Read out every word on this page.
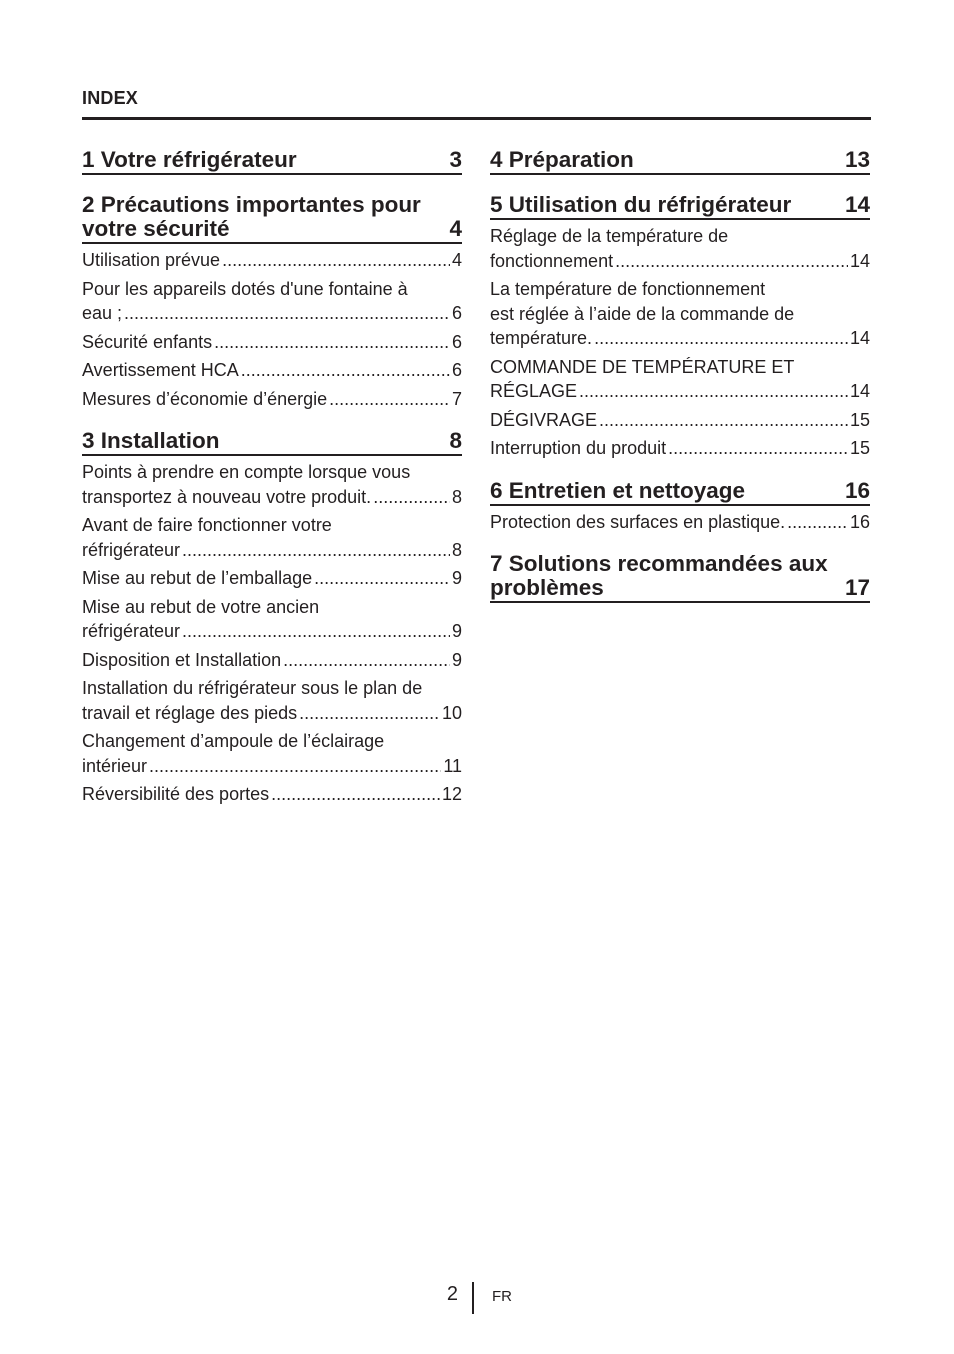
INDEX
1 Votre réfrigérateur	3
2 Précautions importantes pour votre sécurité	4
Utilisation prévue .....	4
Pour les appareils dotés d'une fontaine à
eau ; .....	6
Sécurité enfants .....	6
Avertissement HCA .....	6
Mesures d’économie d’énergie .....	7
3 Installation	8
Points à prendre en compte lorsque vous
transportez à nouveau votre produit. .....	8
Avant de faire fonctionner votre
réfrigérateur .....	8
Mise au rebut de l’emballage .....	9
Mise au rebut de votre ancien
réfrigérateur .....	9
Disposition et Installation .....	9
Installation du réfrigérateur sous le plan de
travail et réglage des pieds .....	10
Changement d’ampoule de l’éclairage
intérieur .....	11
Réversibilité des portes .....	12
4 Préparation	13
5 Utilisation du réfrigérateur	14
Réglage de la température de
fonctionnement .....	14
La température de fonctionnement
est réglée à l’aide de la commande de
température. .....	14
COMMANDE DE TEMPÉRATURE ET
RÉGLAGE .....	14
DÉGIVRAGE .....	15
Interruption du produit .....	15
6 Entretien et nettoyage	16
Protection des surfaces en plastique. .....	16
7 Solutions recommandées aux problèmes	17
2 FR
